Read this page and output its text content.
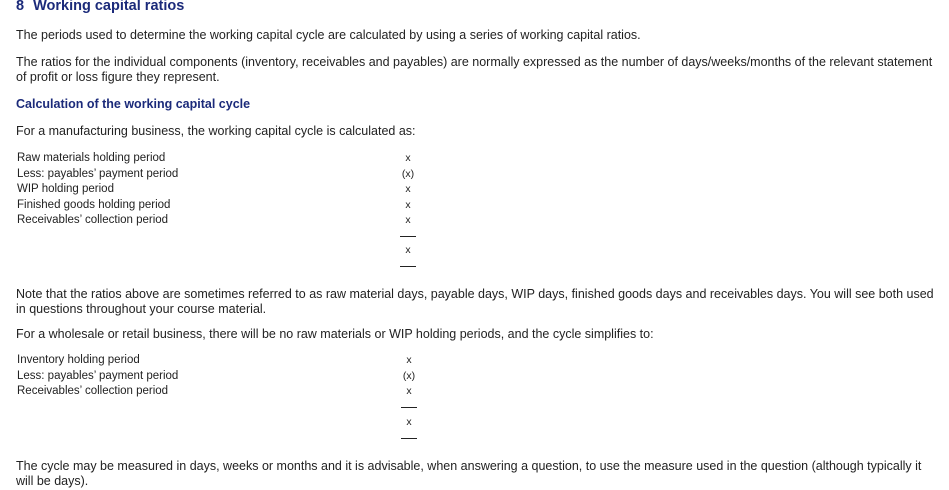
8 Working capital ratios
The periods used to determine the working capital cycle are calculated by using a series of working capital ratios.
The ratios for the individual components (inventory, receivables and payables) are normally expressed as the number of days/weeks/months of the relevant statement of profit or loss figure they represent.
Calculation of the working capital cycle
For a manufacturing business, the working capital cycle is calculated as:
Raw materials holding period	x
Less: payables’ payment period	(x)
WIP holding period	x
Finished goods holding period	x
Receivables’ collection period	x
x
Note that the ratios above are sometimes referred to as raw material days, payable days, WIP days, finished goods days and receivables days. You will see both used in questions throughout your course material.
For a wholesale or retail business, there will be no raw materials or WIP holding periods, and the cycle simplifies to:
Inventory holding period	x
Less: payables’ payment period	(x)
Receivables’ collection period	x
x
The cycle may be measured in days, weeks or months and it is advisable, when answering a question, to use the measure used in the question (although typically it will be days).
